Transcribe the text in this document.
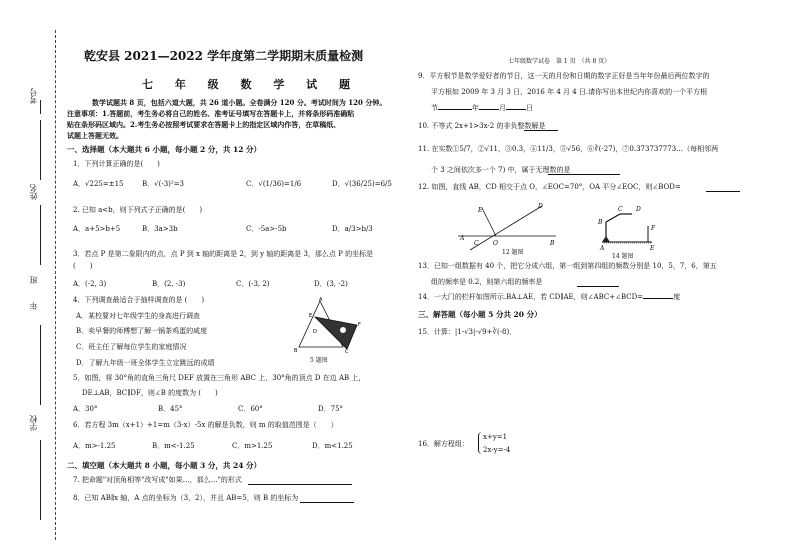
考号
姓名
班
年
学校
乾安县 2021—2022 学年度第二学期期末质量检测
七 年 级 数 学 试 题
数学试题共 8 页，包括六道大题，共 26 道小题。全卷满分 120 分。考试时间为 120 分钟。
注意事项：1.答题前，考生务必将自己的姓名、准考证号填写在答题卡上，并将条形码准确粘
贴在条形码区域内。2.考生务必按照考试要求在答题卡上的指定区域内作答，在草稿纸、
试题上答题无效。
一、选择题（本大题共 6 小题，每小题 2 分，共 12 分）
1．下列计算正确的是(　　)
A．√225=±15	B．√(-3)²=3	C．√(1/36)=1/6	D．√(36/25)=6/5
2. 已知 a<b，则下列式子正确的是(　　)
A．a+5>b+5	B．3a>3b	C．-5a>-5b	D．a/3>b/3
3．若点 P 是第二象限内的点，点 P 到 x 轴的距离是 2，到 y 轴的距离是 3，那么点 P 的坐标是
(　　)
A．(-2, 3)	B．(2, -3)	C．(-3, 2)	D．(3, -2)
4．下列调查最适合于抽样调查的是 (　　)
A．某校要对七年级学生的身高进行调查
B．卖早餐的师傅想了解一锅茶鸡蛋的咸度
C．班主任了解每位学生的家庭情况
D．了解九年级一班全体学生立定跳远的成绩
A
E
F
C
D
B
5 题图
5．如图，将 30°角的直角三角尺 DEF 放置在三角形 ABC 上，30°角的顶点 D 在边 AB 上，
DE⊥AB，BC∥DF，则∠B 的度数为 (　　)
A．30°	B．45°	C．60°	D．75°
6．若方程 3m（x+1）+1=m（3-x）-5x 的解是负数，则 m 的取值范围是（　　）
A．m>-1.25	B．m<-1.25	C．m>1.25	D．m<1.25
二、填空题（本大题共 8 小题，每小题 3 分，共 24 分）
7. 把命题"对顶角相等"改写成"如果…，那么…"的形式
8．已知 AB∥x 轴，A 点的坐标为（3，2），并且 AB=5，则 B 的坐标为
七年级数学试卷　第 1 页　（共 8 页）
9．平方根节是数学爱好者的节日，这一天的月份和日期的数字正好是当年年份最后两位数字的
平方根如 2009 年 3 月 3 日，2016 年 4 月 4 日.请你写出本世纪内你喜欢的一个平方根
节	年	月	日
10. 不等式 2x+1>3x-2 的非负整数解是
11. 在实数①5/7，②√11，③0.3，④11/3，⑤√56，⑥∛(-27)，⑦0.373737773…（每相邻两
个 3 之间依次多一个 7) 中，属于无理数的是
12. 如图，直线 AB，CD 相交于点 O，∠EOC=70°，OA 平分∠EOC，则∠BOD=
E
D
A
C O	B
12 题图
B
C D
A	E
F
14 题图
13．已知一组数据有 40 个，把它分成六组，第一组到第四组的频数分别是 10，5，7，6，第五
组的频率是 0.2，则第六组的频率是
14．一大门的栏杆如图所示.BA⊥AE，若 CD∥AE，则∠ABC+∠BCD=	度
三、解答题（每小题 5 分共 20 分）
15．计算：|1-√3|-√9+∛(-8)．
16．解方程组：
x+y=1
2x-y=-4
